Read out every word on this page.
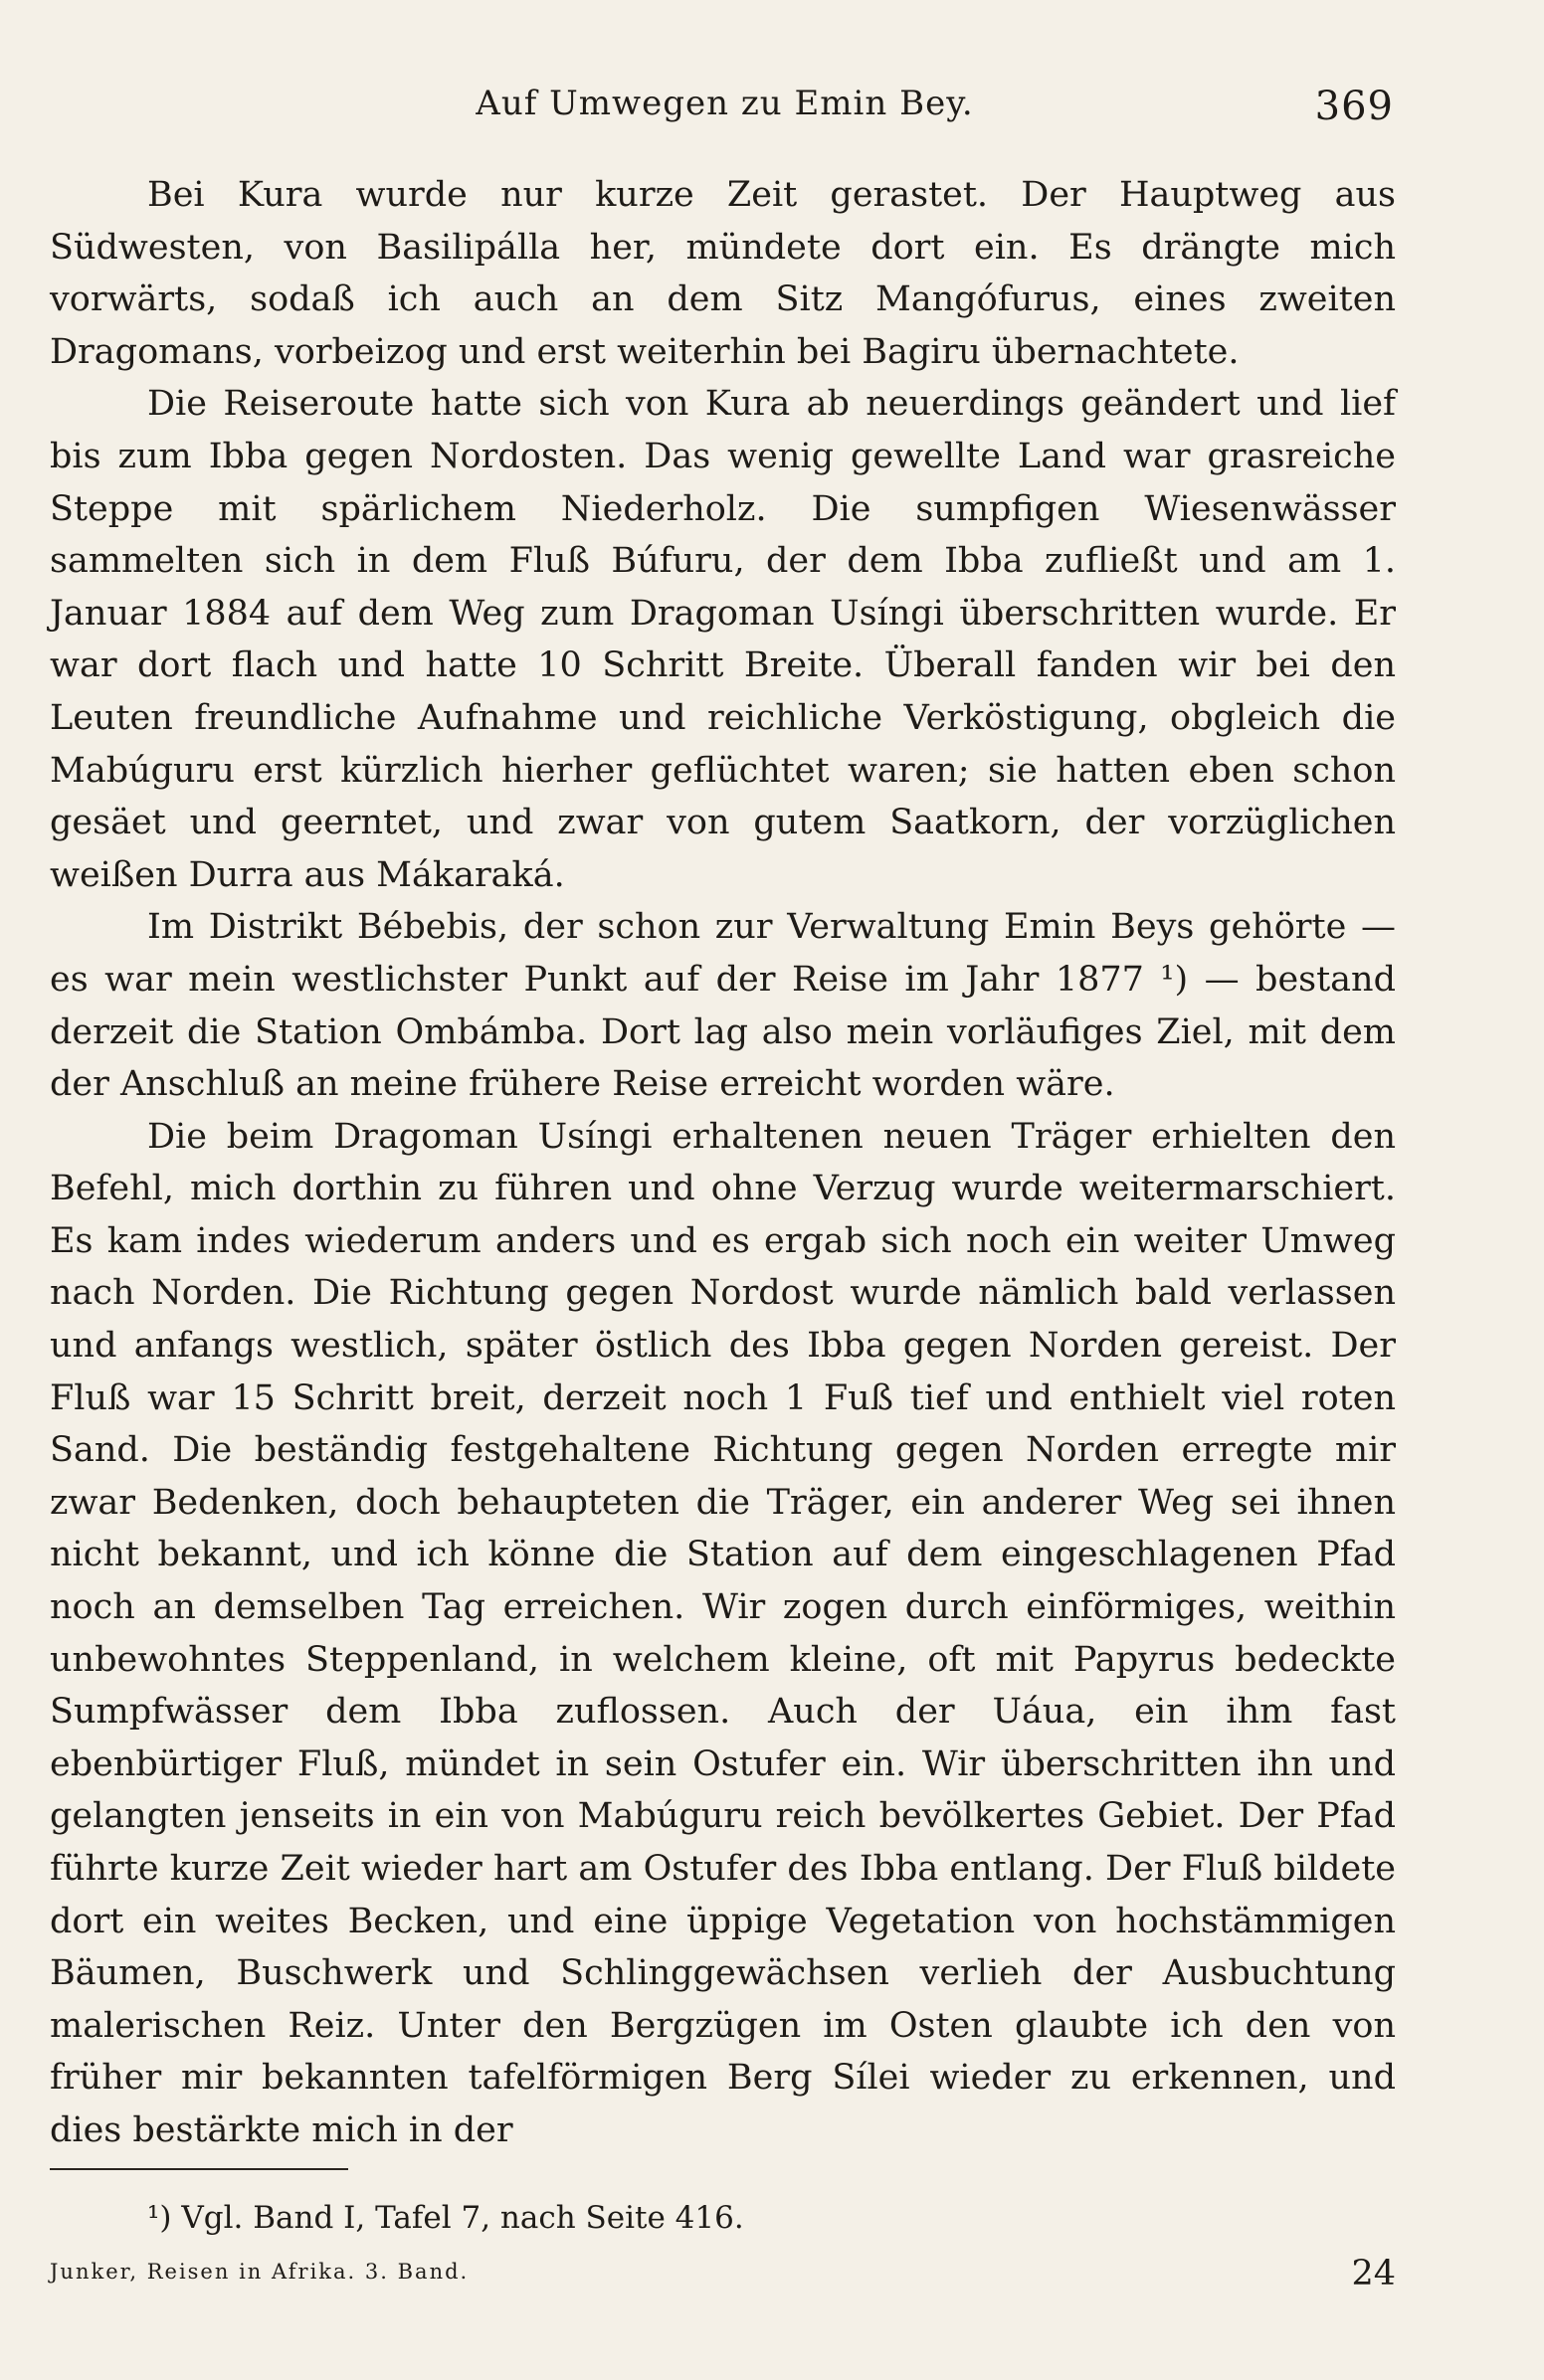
Auf Umwegen zu Emin Bey.	369

Bei Kura wurde nur kurze Zeit gerastet. Der Hauptweg aus Südwesten, von Basilipálla her, mündete dort ein. Es drängte mich vorwärts, sodaß ich auch an dem Sitz Mangófurus, eines zweiten Dragomans, vorbeizog und erst weiterhin bei Bagiru übernachtete.

Die Reiseroute hatte sich von Kura ab neuerdings geändert und lief bis zum Ibba gegen Nordosten. Das wenig gewellte Land war grasreiche Steppe mit spärlichem Niederholz. Die sumpfigen Wiesenwässer sammelten sich in dem Fluß Búfuru, der dem Ibba zufließt und am 1. Januar 1884 auf dem Weg zum Dragoman Usíngi überschritten wurde. Er war dort flach und hatte 10 Schritt Breite. Überall fanden wir bei den Leuten freundliche Aufnahme und reichliche Verköstigung, obgleich die Mabúguru erst kürzlich hierher geflüchtet waren; sie hatten eben schon gesäet und geerntet, und zwar von gutem Saatkorn, der vorzüglichen weißen Durra aus Mákaraká.

Im Distrikt Bébebis, der schon zur Verwaltung Emin Beys gehörte — es war mein westlichster Punkt auf der Reise im Jahr 1877 ¹) — bestand derzeit die Station Ombámba. Dort lag also mein vorläufiges Ziel, mit dem der Anschluß an meine frühere Reise erreicht worden wäre.

Die beim Dragoman Usíngi erhaltenen neuen Träger erhielten den Befehl, mich dorthin zu führen und ohne Verzug wurde weitermarschiert. Es kam indes wiederum anders und es ergab sich noch ein weiter Umweg nach Norden. Die Richtung gegen Nordost wurde nämlich bald verlassen und anfangs westlich, später östlich des Ibba gegen Norden gereist. Der Fluß war 15 Schritt breit, derzeit noch 1 Fuß tief und enthielt viel roten Sand. Die beständig festgehaltene Richtung gegen Norden erregte mir zwar Bedenken, doch behaupteten die Träger, ein anderer Weg sei ihnen nicht bekannt, und ich könne die Station auf dem eingeschlagenen Pfad noch an demselben Tag erreichen. Wir zogen durch einförmiges, weithin unbewohntes Steppenland, in welchem kleine, oft mit Papyrus bedeckte Sumpfwässer dem Ibba zuflossen. Auch der Uáua, ein ihm fast ebenbürtiger Fluß, mündet in sein Ostufer ein. Wir überschritten ihn und gelangten jenseits in ein von Mabúguru reich bevölkertes Gebiet. Der Pfad führte kurze Zeit wieder hart am Ostufer des Ibba entlang. Der Fluß bildete dort ein weites Becken, und eine üppige Vegetation von hochstämmigen Bäumen, Buschwerk und Schlinggewächsen verlieh der Ausbuchtung malerischen Reiz. Unter den Bergzügen im Osten glaubte ich den von früher mir bekannten tafelförmigen Berg Sílei wieder zu erkennen, und dies bestärkte mich in der

¹) Vgl. Band I, Tafel 7, nach Seite 416.
Junker, Reisen in Afrika. 3. Band.	24
